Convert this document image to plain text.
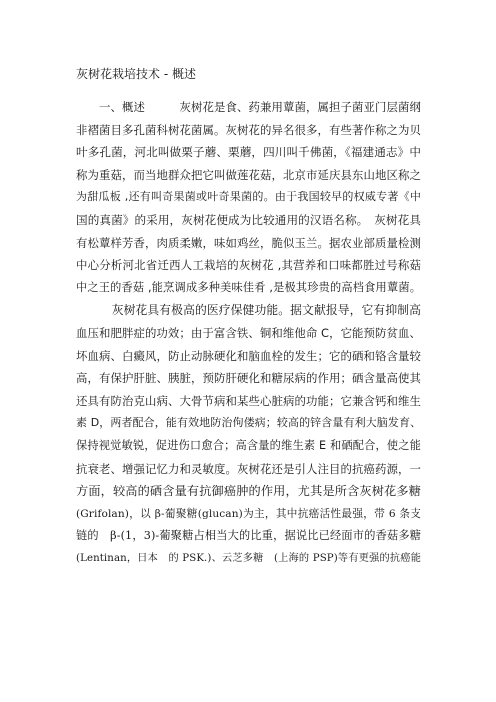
灰树花栽培技术 - 概述
　　一、概述　　　灰树花是食、药兼用蕈菌，属担子菌亚门层菌纲
非褶菌目多孔菌科树花菌属。灰树花的异名很多，有些著作称之为贝
叶多孔菌，河北叫做栗子蘑、栗蘑，四川叫千佛菌，《福建通志》中
称为重菇，而当地群众把它叫做莲花菇，北京市延庆县东山地区称之
为甜瓜板 ,还有叫奇果菌或叶奇果菌的。由于我国较早的权威专著《中
国的真菌》的采用，灰树花便成为比较通用的汉语名称。　灰树花具
有松蕈样芳香，肉质柔嫩，味如鸡丝，脆似玉兰。据农业部质量检测
中心分析河北省迁西人工栽培的灰树花 ,其营养和口味都胜过号称菇
中之王的香菇 ,能烹调成多种美味佳肴 ,是极其珍贵的高档食用蕈菌。
　　　灰树花具有极高的医疗保健功能。据文献报导，它有抑制高
血压和肥胖症的功效；由于富含铁、铜和维他命 C，它能预防贫血、
坏血病、白癜风，防止动脉硬化和脑血栓的发生；它的硒和铬含量较
高，有保护肝脏、胰脏，预防肝硬化和糖尿病的作用；硒含量高使其
还具有防治克山病、大骨节病和某些心脏病的功能；它兼含钙和维生
素 D，两者配合，能有效地防治佝偻病；较高的锌含量有利大脑发育、
保持视觉敏锐，促进伤口愈合；高含量的维生素 E 和硒配合，使之能
抗衰老、增强记忆力和灵敏度。灰树花还是引人注目的抗癌药源，一
方面，较高的硒含量有抗御癌肿的作用，尤其是所含灰树花多糖
(Grifolan)，以 β-葡聚糖(glucan)为主，其中抗癌活性最强，带 6 条支
链的　β-(1，3)-葡聚糖占相当大的比重，据说比已经面市的香菇多糖
(Lentinan，日本　的 PSK.)、云芝多糖　(上海的 PSP)等有更强的抗癌能
